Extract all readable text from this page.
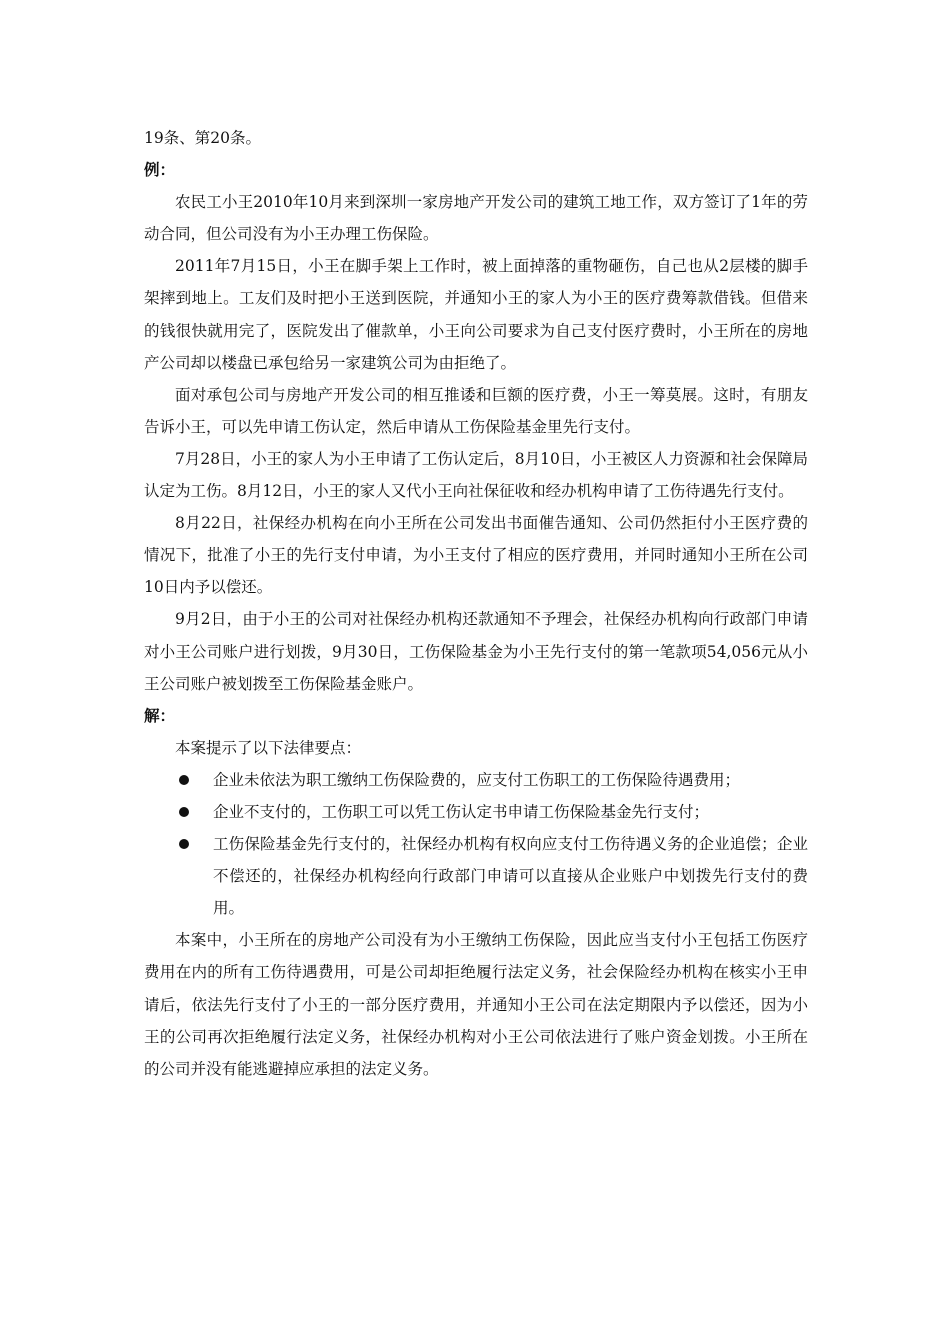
19条、第20条。

例：

农民工小王2010年10月来到深圳一家房地产开发公司的建筑工地工作，双方签订了1年的劳动合同，但公司没有为小王办理工伤保险。

2011年7月15日，小王在脚手架上工作时，被上面掉落的重物砸伤，自己也从2层楼的脚手架摔到地上。工友们及时把小王送到医院，并通知小王的家人为小王的医疗费筹款借钱。但借来的钱很快就用完了，医院发出了催款单，小王向公司要求为自己支付医疗费时，小王所在的房地产公司却以楼盘已承包给另一家建筑公司为由拒绝了。

面对承包公司与房地产开发公司的相互推诿和巨额的医疗费，小王一筹莫展。这时，有朋友告诉小王，可以先申请工伤认定，然后申请从工伤保险基金里先行支付。

7月28日，小王的家人为小王申请了工伤认定后，8月10日，小王被区人力资源和社会保障局认定为工伤。8月12日，小王的家人又代小王向社保征收和经办机构申请了工伤待遇先行支付。

8月22日，社保经办机构在向小王所在公司发出书面催告通知、公司仍然拒付小王医疗费的情况下，批准了小王的先行支付申请，为小王支付了相应的医疗费用，并同时通知小王所在公司10日内予以偿还。

9月2日，由于小王的公司对社保经办机构还款通知不予理会，社保经办机构向行政部门申请对小王公司账户进行划拨，9月30日，工伤保险基金为小王先行支付的第一笔款项54,056元从小王公司账户被划拨至工伤保险基金账户。

解：

本案提示了以下法律要点：

企业未依法为职工缴纳工伤保险费的，应支付工伤职工的工伤保险待遇费用；
企业不支付的，工伤职工可以凭工伤认定书申请工伤保险基金先行支付；
工伤保险基金先行支付的，社保经办机构有权向应支付工伤待遇义务的企业追偿；企业不偿还的，社保经办机构经向行政部门申请可以直接从企业账户中划拨先行支付的费用。

本案中，小王所在的房地产公司没有为小王缴纳工伤保险，因此应当支付小王包括工伤医疗费用在内的所有工伤待遇费用，可是公司却拒绝履行法定义务，社会保险经办机构在核实小王申请后，依法先行支付了小王的一部分医疗费用，并通知小王公司在法定期限内予以偿还，因为小王的公司再次拒绝履行法定义务，社保经办机构对小王公司依法进行了账户资金划拨。小王所在的公司并没有能逃避掉应承担的法定义务。
